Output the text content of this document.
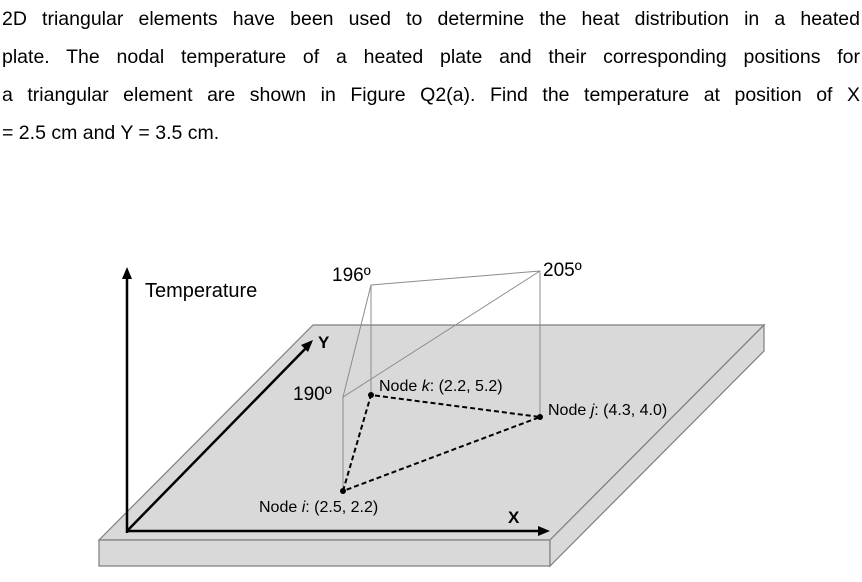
2D triangular elements have been used to determine the heat distribution in a heated
plate. The nodal temperature of a heated plate and their corresponding positions for
a triangular element are shown in Figure Q2(a). Find the temperature at position of X
= 2.5 cm and Y = 3.5 cm.
Temperature
X
Y
196º	205º
190º	Node k: (2.2, 5.2)
Node j: (4.3, 4.0)
Node i: (2.5, 2.2)
